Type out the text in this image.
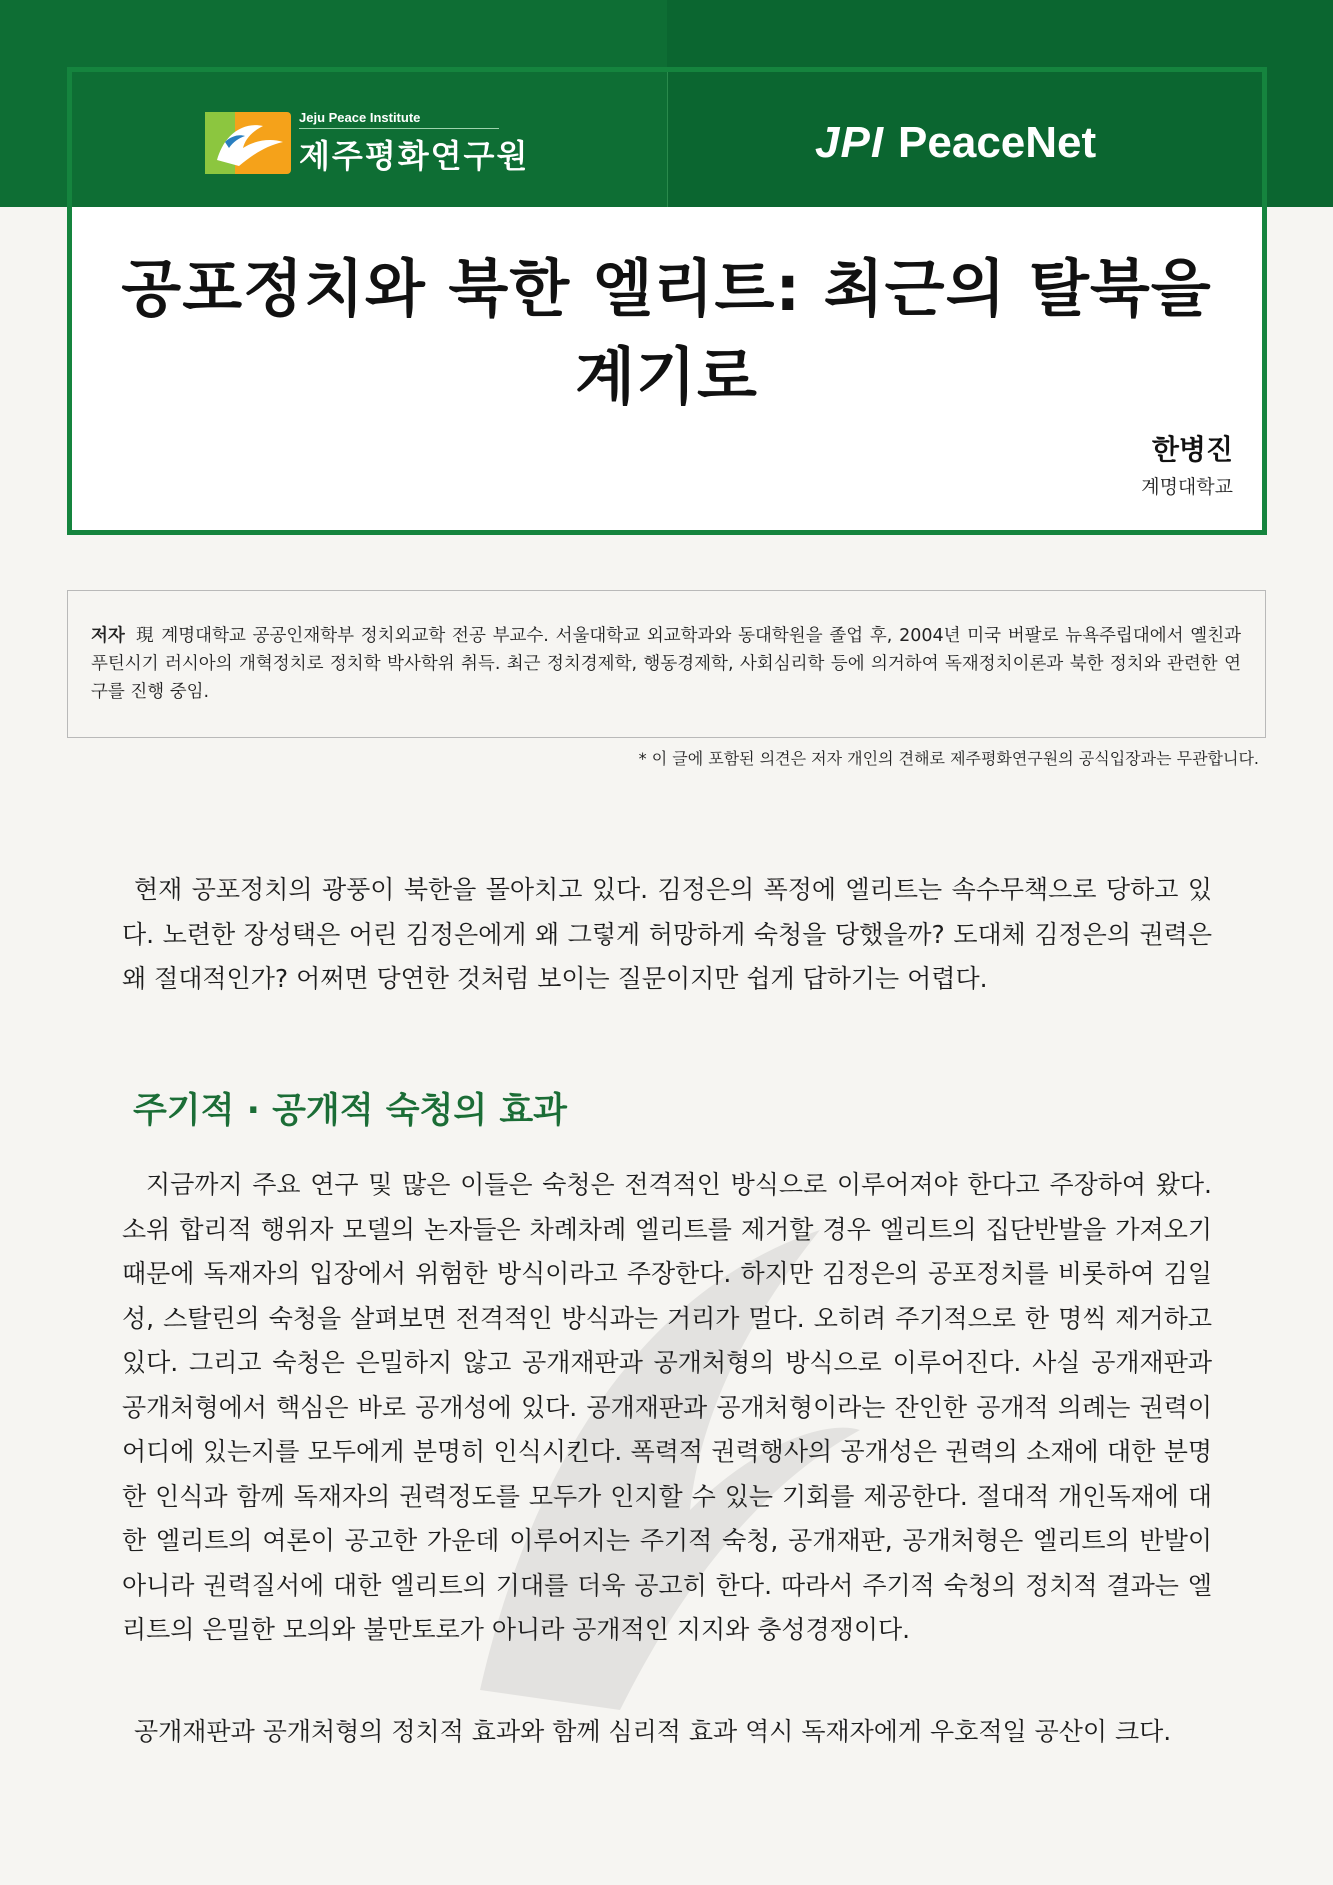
Jeju Peace Institute
제주평화연구원	JPI PeaceNet
공포정치와 북한 엘리트: 최근의 탈북을
계기로
한병진
계명대학교
저자 現 계명대학교 공공인재학부 정치외교학 전공 부교수. 서울대학교 외교학과와 동대학원을 졸업 후, 2004년 미국 버팔로 뉴욕주립대에서 옐친과 푸틴시기 러시아의 개혁정치로 정치학 박사학위 취득. 최근 정치경제학, 행동경제학, 사회심리학 등에 의거하여 독재정치이론과 북한 정치와 관련한 연구를 진행 중임.
* 이 글에 포함된 의견은 저자 개인의 견해로 제주평화연구원의 공식입장과는 무관합니다.
현재 공포정치의 광풍이 북한을 몰아치고 있다. 김정은의 폭정에 엘리트는 속수무책으로 당하고 있다. 노련한 장성택은 어린 김정은에게 왜 그렇게 허망하게 숙청을 당했을까? 도대체 김정은의 권력은 왜 절대적인가? 어쩌면 당연한 것처럼 보이는 질문이지만 쉽게 답하기는 어렵다.
주기적 · 공개적 숙청의 효과
지금까지 주요 연구 및 많은 이들은 숙청은 전격적인 방식으로 이루어져야 한다고 주장하여 왔다. 소위 합리적 행위자 모델의 논자들은 차례차례 엘리트를 제거할 경우 엘리트의 집단반발을 가져오기 때문에 독재자의 입장에서 위험한 방식이라고 주장한다. 하지만 김정은의 공포정치를 비롯하여 김일성, 스탈린의 숙청을 살펴보면 전격적인 방식과는 거리가 멀다. 오히려 주기적으로 한 명씩 제거하고 있다. 그리고 숙청은 은밀하지 않고 공개재판과 공개처형의 방식으로 이루어진다. 사실 공개재판과 공개처형에서 핵심은 바로 공개성에 있다. 공개재판과 공개처형이라는 잔인한 공개적 의례는 권력이 어디에 있는지를 모두에게 분명히 인식시킨다. 폭력적 권력행사의 공개성은 권력의 소재에 대한 분명한 인식과 함께 독재자의 권력정도를 모두가 인지할 수 있는 기회를 제공한다. 절대적 개인독재에 대한 엘리트의 여론이 공고한 가운데 이루어지는 주기적 숙청, 공개재판, 공개처형은 엘리트의 반발이 아니라 권력질서에 대한 엘리트의 기대를 더욱 공고히 한다. 따라서 주기적 숙청의 정치적 결과는 엘리트의 은밀한 모의와 불만토로가 아니라 공개적인 지지와 충성경쟁이다.
공개재판과 공개처형의 정치적 효과와 함께 심리적 효과 역시 독재자에게 우호적일 공산이 크다.
